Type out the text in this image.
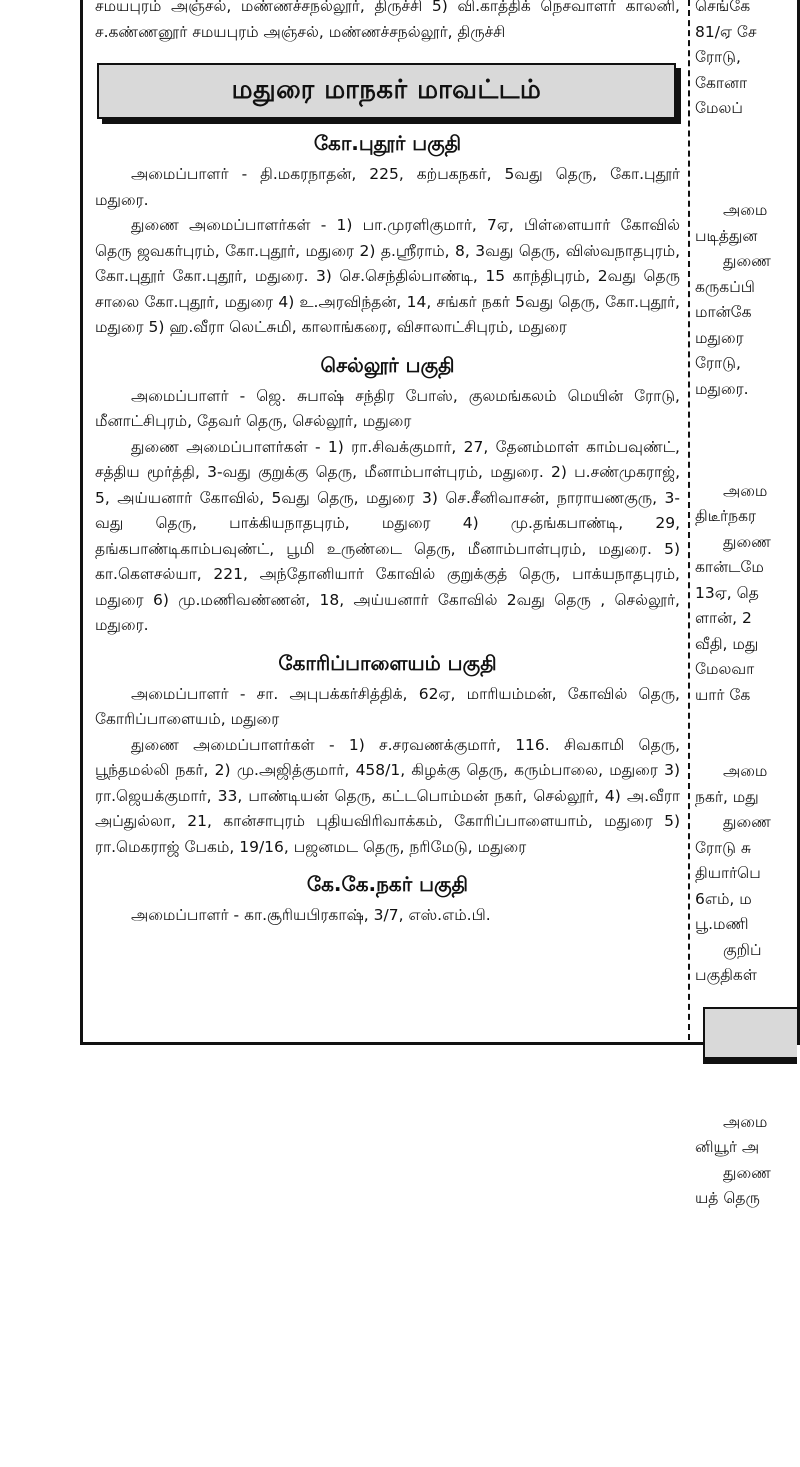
சமயபுரம் அஞ்சல், மண்ணச்சநல்லூர், திருச்சி 5) வி.காத்திக் நெசவாளர் காலனி, ச.கண்ணனூர் சமயபுரம் அஞ்சல், மண்ணச்சநல்லூர், திருச்சி

மதுரை மாநகர் மாவட்டம்
கோ.புதூர் பகுதி

அமைப்பாளர் - தி.மகரநாதன், 225, கற்பகநகர், 5வது தெரு, கோ.புதூர் மதுரை.

துணை அமைப்பாளர்கள் - 1) பா.முரளிகுமார், 7ஏ, பிள்ளையார் கோவில் தெரு ஜவகர்புரம், கோ.புதூர், மதுரை 2) த.ஸ்ரீராம், 8, 3வது தெரு, விஸ்வநாதபுரம், கோ.புதூர் கோ.புதூர், மதுரை. 3) செ.செந்தில்பாண்டி, 15 காந்திபுரம், 2வது தெரு சாலை கோ.புதூர், மதுரை 4) உ.அரவிந்தன், 14, சங்கர் நகர் 5வது தெரு, கோ.புதூர், மதுரை 5) ஹ.வீரா லெட்சுமி, காலாங்கரை, விசாலாட்சிபுரம், மதுரை

செல்லூர் பகுதி

அமைப்பாளர் - ஜெ. சுபாஷ் சந்திர போஸ், குலமங்கலம் மெயின் ரோடு, மீனாட்சிபுரம், தேவர் தெரு, செல்லூர், மதுரை

துணை அமைப்பாளர்கள் - 1) ரா.சிவக்குமார், 27, தேனம்மாள் காம்பவுண்ட், சத்திய மூர்த்தி, 3-வது குறுக்கு தெரு, மீனாம்பாள்புரம், மதுரை. 2) ப.சண்முகராஜ், 5, அய்யனார் கோவில், 5வது தெரு, மதுரை 3) செ.சீனிவாசன், நாராயணகுரு, 3-வது தெரு, பாக்கியநாதபுரம், மதுரை 4) மு.தங்கபாண்டி, 29, தங்கபாண்டிகாம்பவுண்ட், பூமி உருண்டை தெரு, மீனாம்பாள்புரம், மதுரை. 5) கா.கௌசல்யா, 221, அந்தோனியார் கோவில் குறுக்குத் தெரு, பாக்யநாதபுரம், மதுரை 6) மு.மணிவண்ணன், 18, அய்யனார் கோவில் 2வது தெரு , செல்லூர், மதுரை.

கோரிப்பாளையம் பகுதி

அமைப்பாளர் - சா. அபுபக்கர்சித்திக், 62ஏ, மாரியம்மன், கோவில் தெரு, கோரிப்பாளையம், மதுரை

துணை அமைப்பாளர்கள் - 1) ச.சரவணக்குமார், 116. சிவகாமி தெரு, பூந்தமல்லி நகர், 2) மு.அஜித்குமார், 458/1, கிழக்கு தெரு, கரும்பாலை, மதுரை 3) ரா.ஜெயக்குமார், 33, பாண்டியன் தெரு, கட்டபொம்மன் நகர், செல்லூர், 4) அ.வீரா அப்துல்லா, 21, கான்சாபுரம் புதியவிரிவாக்கம், கோரிப்பாளையாம், மதுரை 5) ரா.மெகராஜ் பேகம், 19/16, பஜனமட தெரு, நரிமேடு, மதுரை

கே.கே.நகர் பகுதி

அமைப்பாளர் - கா.சூரியபிரகாஷ், 3/7, எஸ்.எம்.பி.

செங்கே
81/ஏ சே
ரோடு,
கோனா
மேலப்
அமை
படித்துன
துணை
கருகப்பி
மான்கே
மதுரை
ரோடு,
மதுரை.
அமை
திடீர்நகர
துணை
கான்டமே
13ஏ, தெ
ளான், 2
வீதி, மது
மேலவா
யார் கே
அமை
நகர், மது
துணை
ரோடு சு
தியார்பெ
6எம், ம
பூ.மணி
குறிப்
பகுதிகள்
அமை
னியூர் அ
துணை
யத் தெரு
